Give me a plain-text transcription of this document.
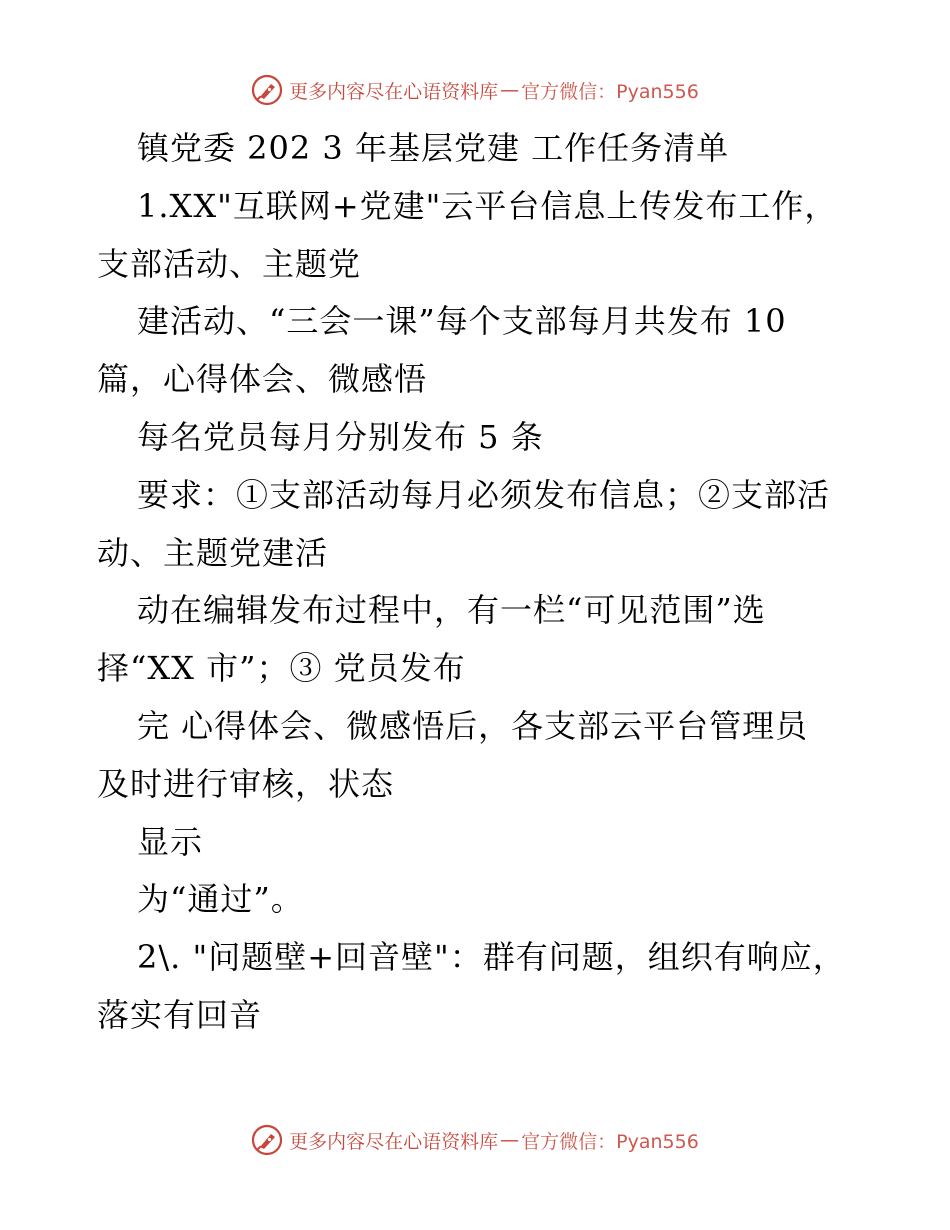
更多内容尽在心语资料库 — 官方微信：Pyan556
镇党委 202 3 年基层党建 工作任务清单
1.XX"互联网+党建"云平台信息上传发布工作，
支部活动、主题党
建活动、“三会一课”每个支部每月共发布 10
篇，心得体会、微感悟
每名党员每月分别发布 5 条
要求：①支部活动每月必须发布信息；②支部活
动、主题党建活
动在编辑发布过程中，有一栏“可见范围”选
择“XX 市”；③ 党员发布
完 心得体会、微感悟后，各支部云平台管理员
及时进行审核，状态
显示
为“通过”。
2\. "问题壁+回音壁"：群有问题，组织有响应，
落实有回音
更多内容尽在心语资料库 — 官方微信：Pyan556
